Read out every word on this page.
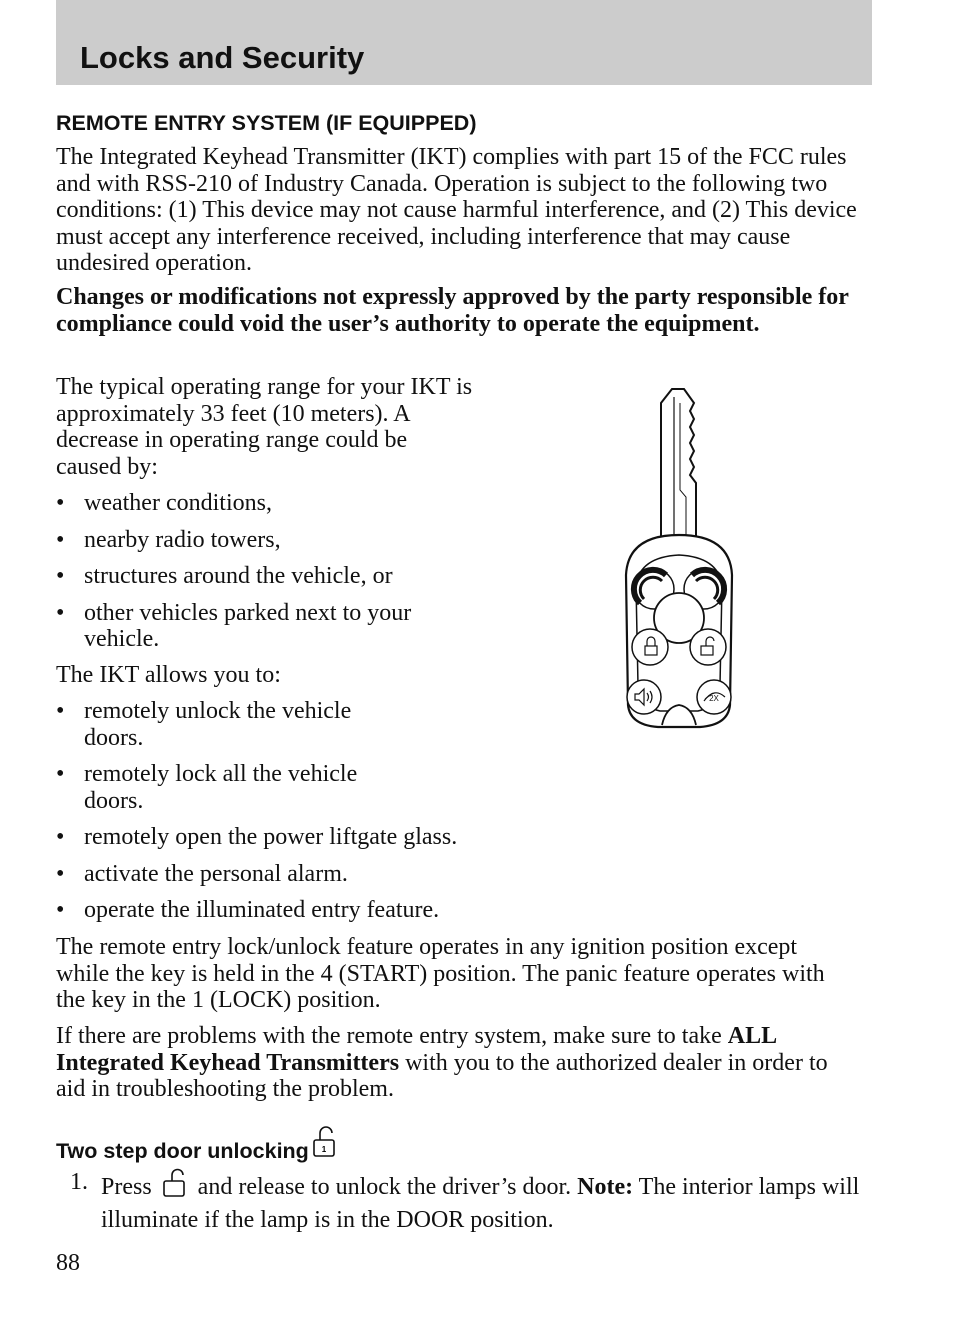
Locks and Security
REMOTE ENTRY SYSTEM (IF EQUIPPED)

The Integrated Keyhead Transmitter (IKT) complies with part 15 of the FCC rules and with RSS-210 of Industry Canada. Operation is subject to the following two conditions: (1) This device may not cause harmful interference, and (2) This device must accept any interference received, including interference that may cause undesired operation.

Changes or modifications not expressly approved by the party responsible for compliance could void the user’s authority to operate the equipment.

The typical operating range for your IKT is approximately 33 feet (10 meters). A decrease in operating range could be caused by:

• weather conditions,
• nearby radio towers,
• structures around the vehicle, or
• other vehicles parked next to your vehicle.

The IKT allows you to:

• remotely unlock the vehicle doors.
• remotely lock all the vehicle doors.
• remotely open the power liftgate glass.
• activate the personal alarm.
• operate the illuminated entry feature.

The remote entry lock/unlock feature operates in any ignition position except while the key is held in the 4 (START) position. The panic feature operates with the key in the 1 (LOCK) position.

If there are problems with the remote entry system, make sure to take ALL Integrated Keyhead Transmitters with you to the authorized dealer in order to aid in troubleshooting the problem.

Two step door unlocking 1
1. Press  and release to unlock the driver’s door. Note: The interior lamps will illuminate if the lamp is in the DOOR position.
88
2X
